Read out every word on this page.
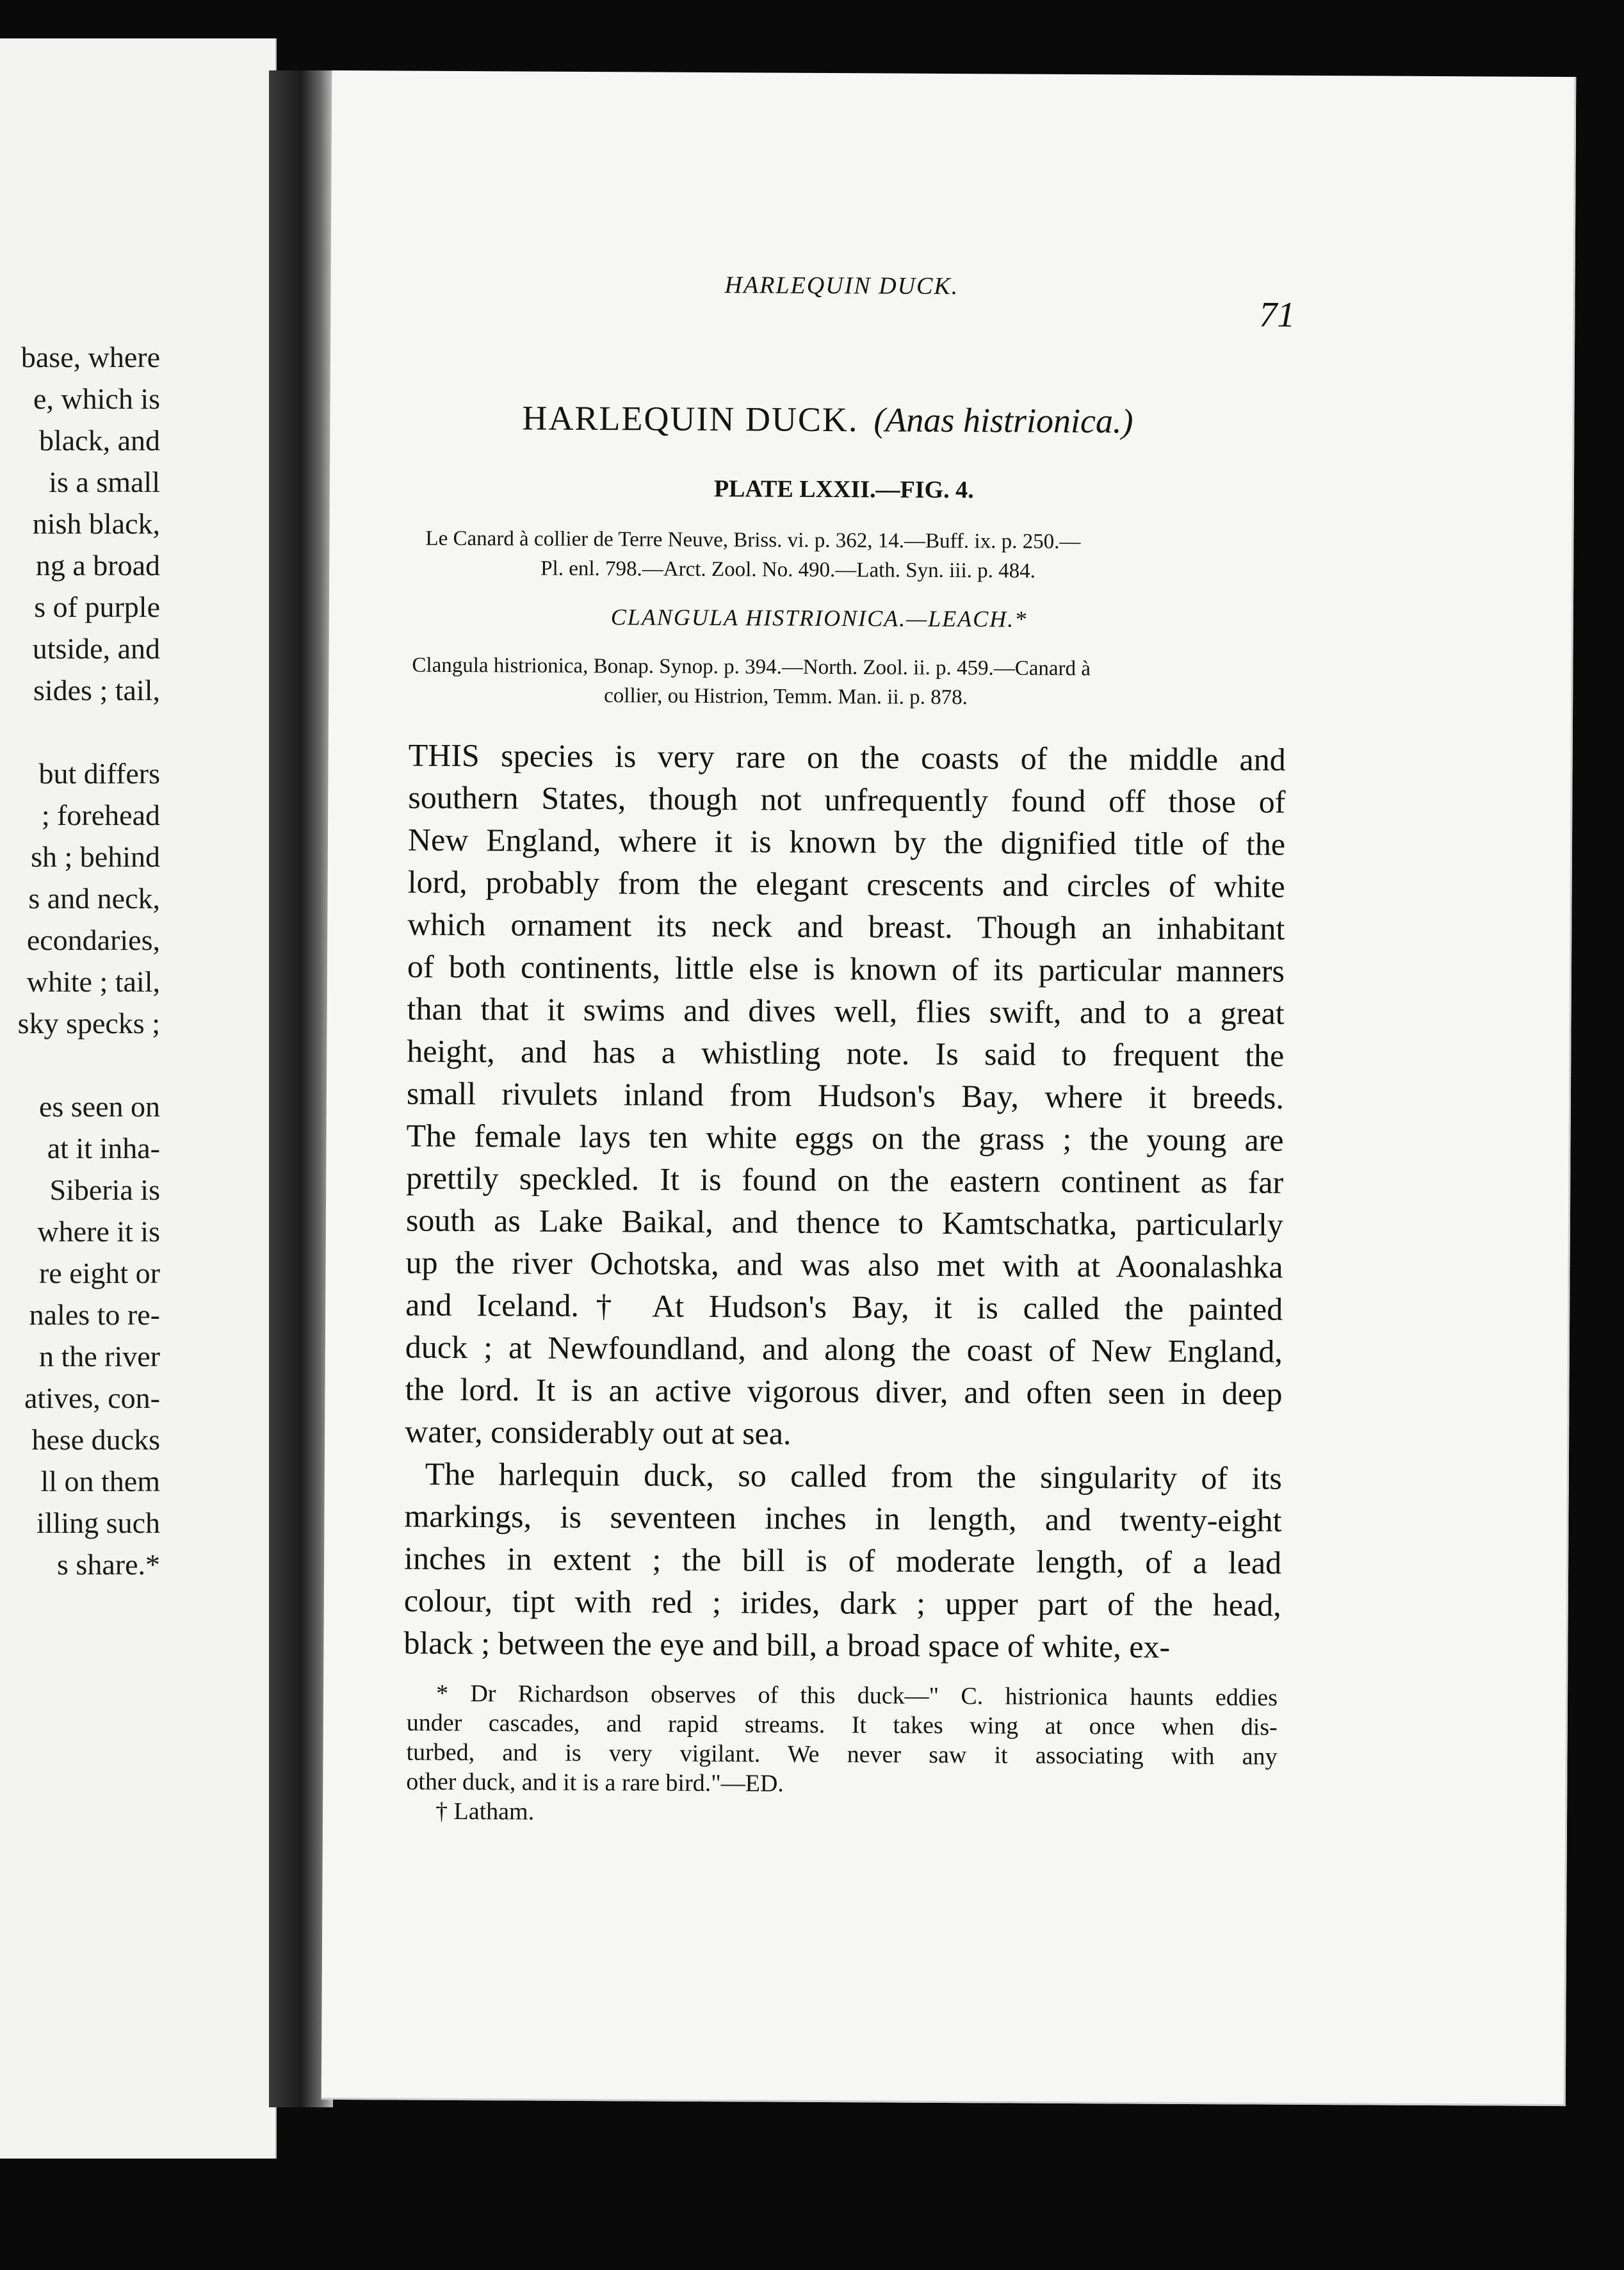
base, where
e, which is
black, and
is a small
nish black,
ng a broad
s of purple
utside, and
sides ; tail,
but differs
; forehead
sh ; behind
s and neck,
econdaries,
white ; tail,
sky specks ;
es seen on
at it inha-
Siberia is
where it is
re eight or
nales to re-
n the river
atives, con-
hese ducks
ll on them
illing such
s share.*
HARLEQUIN DUCK.
71
HARLEQUIN DUCK. (Anas histrionica.)
PLATE LXXII.—FIG. 4.
Le Canard à collier de Terre Neuve, Briss. vi. p. 362, 14.—Buff. ix. p. 250.—
Pl. enl. 798.—Arct. Zool. No. 490.—Lath. Syn. iii. p. 484.
CLANGULA HISTRIONICA.—LEACH.*
Clangula histrionica, Bonap. Synop. p. 394.—North. Zool. ii. p. 459.—Canard à
collier, ou Histrion, Temm. Man. ii. p. 878.
THIS species is very rare on the coasts of the middle and
southern States, though not unfrequently found off those of
New England, where it is known by the dignified title of the
lord, probably from the elegant crescents and circles of white
which ornament its neck and breast. Though an inhabitant
of both continents, little else is known of its particular manners
than that it swims and dives well, flies swift, and to a great
height, and has a whistling note. Is said to frequent the
small rivulets inland from Hudson's Bay, where it breeds.
The female lays ten white eggs on the grass ; the young are
prettily speckled. It is found on the eastern continent as far
south as Lake Baikal, and thence to Kamtschatka, particularly
up the river Ochotska, and was also met with at Aoonalashka
and Iceland.† At Hudson's Bay, it is called the painted
duck ; at Newfoundland, and along the coast of New England,
the lord. It is an active vigorous diver, and often seen in deep
water, considerably out at sea.
The harlequin duck, so called from the singularity of its
markings, is seventeen inches in length, and twenty-eight
inches in extent ; the bill is of moderate length, of a lead
colour, tipt with red ; irides, dark ; upper part of the head,
black ; between the eye and bill, a broad space of white, ex-
* Dr Richardson observes of this duck—" C. histrionica haunts eddies
under cascades, and rapid streams. It takes wing at once when dis-
turbed, and is very vigilant. We never saw it associating with any
other duck, and it is a rare bird."—ED.
† Latham.
